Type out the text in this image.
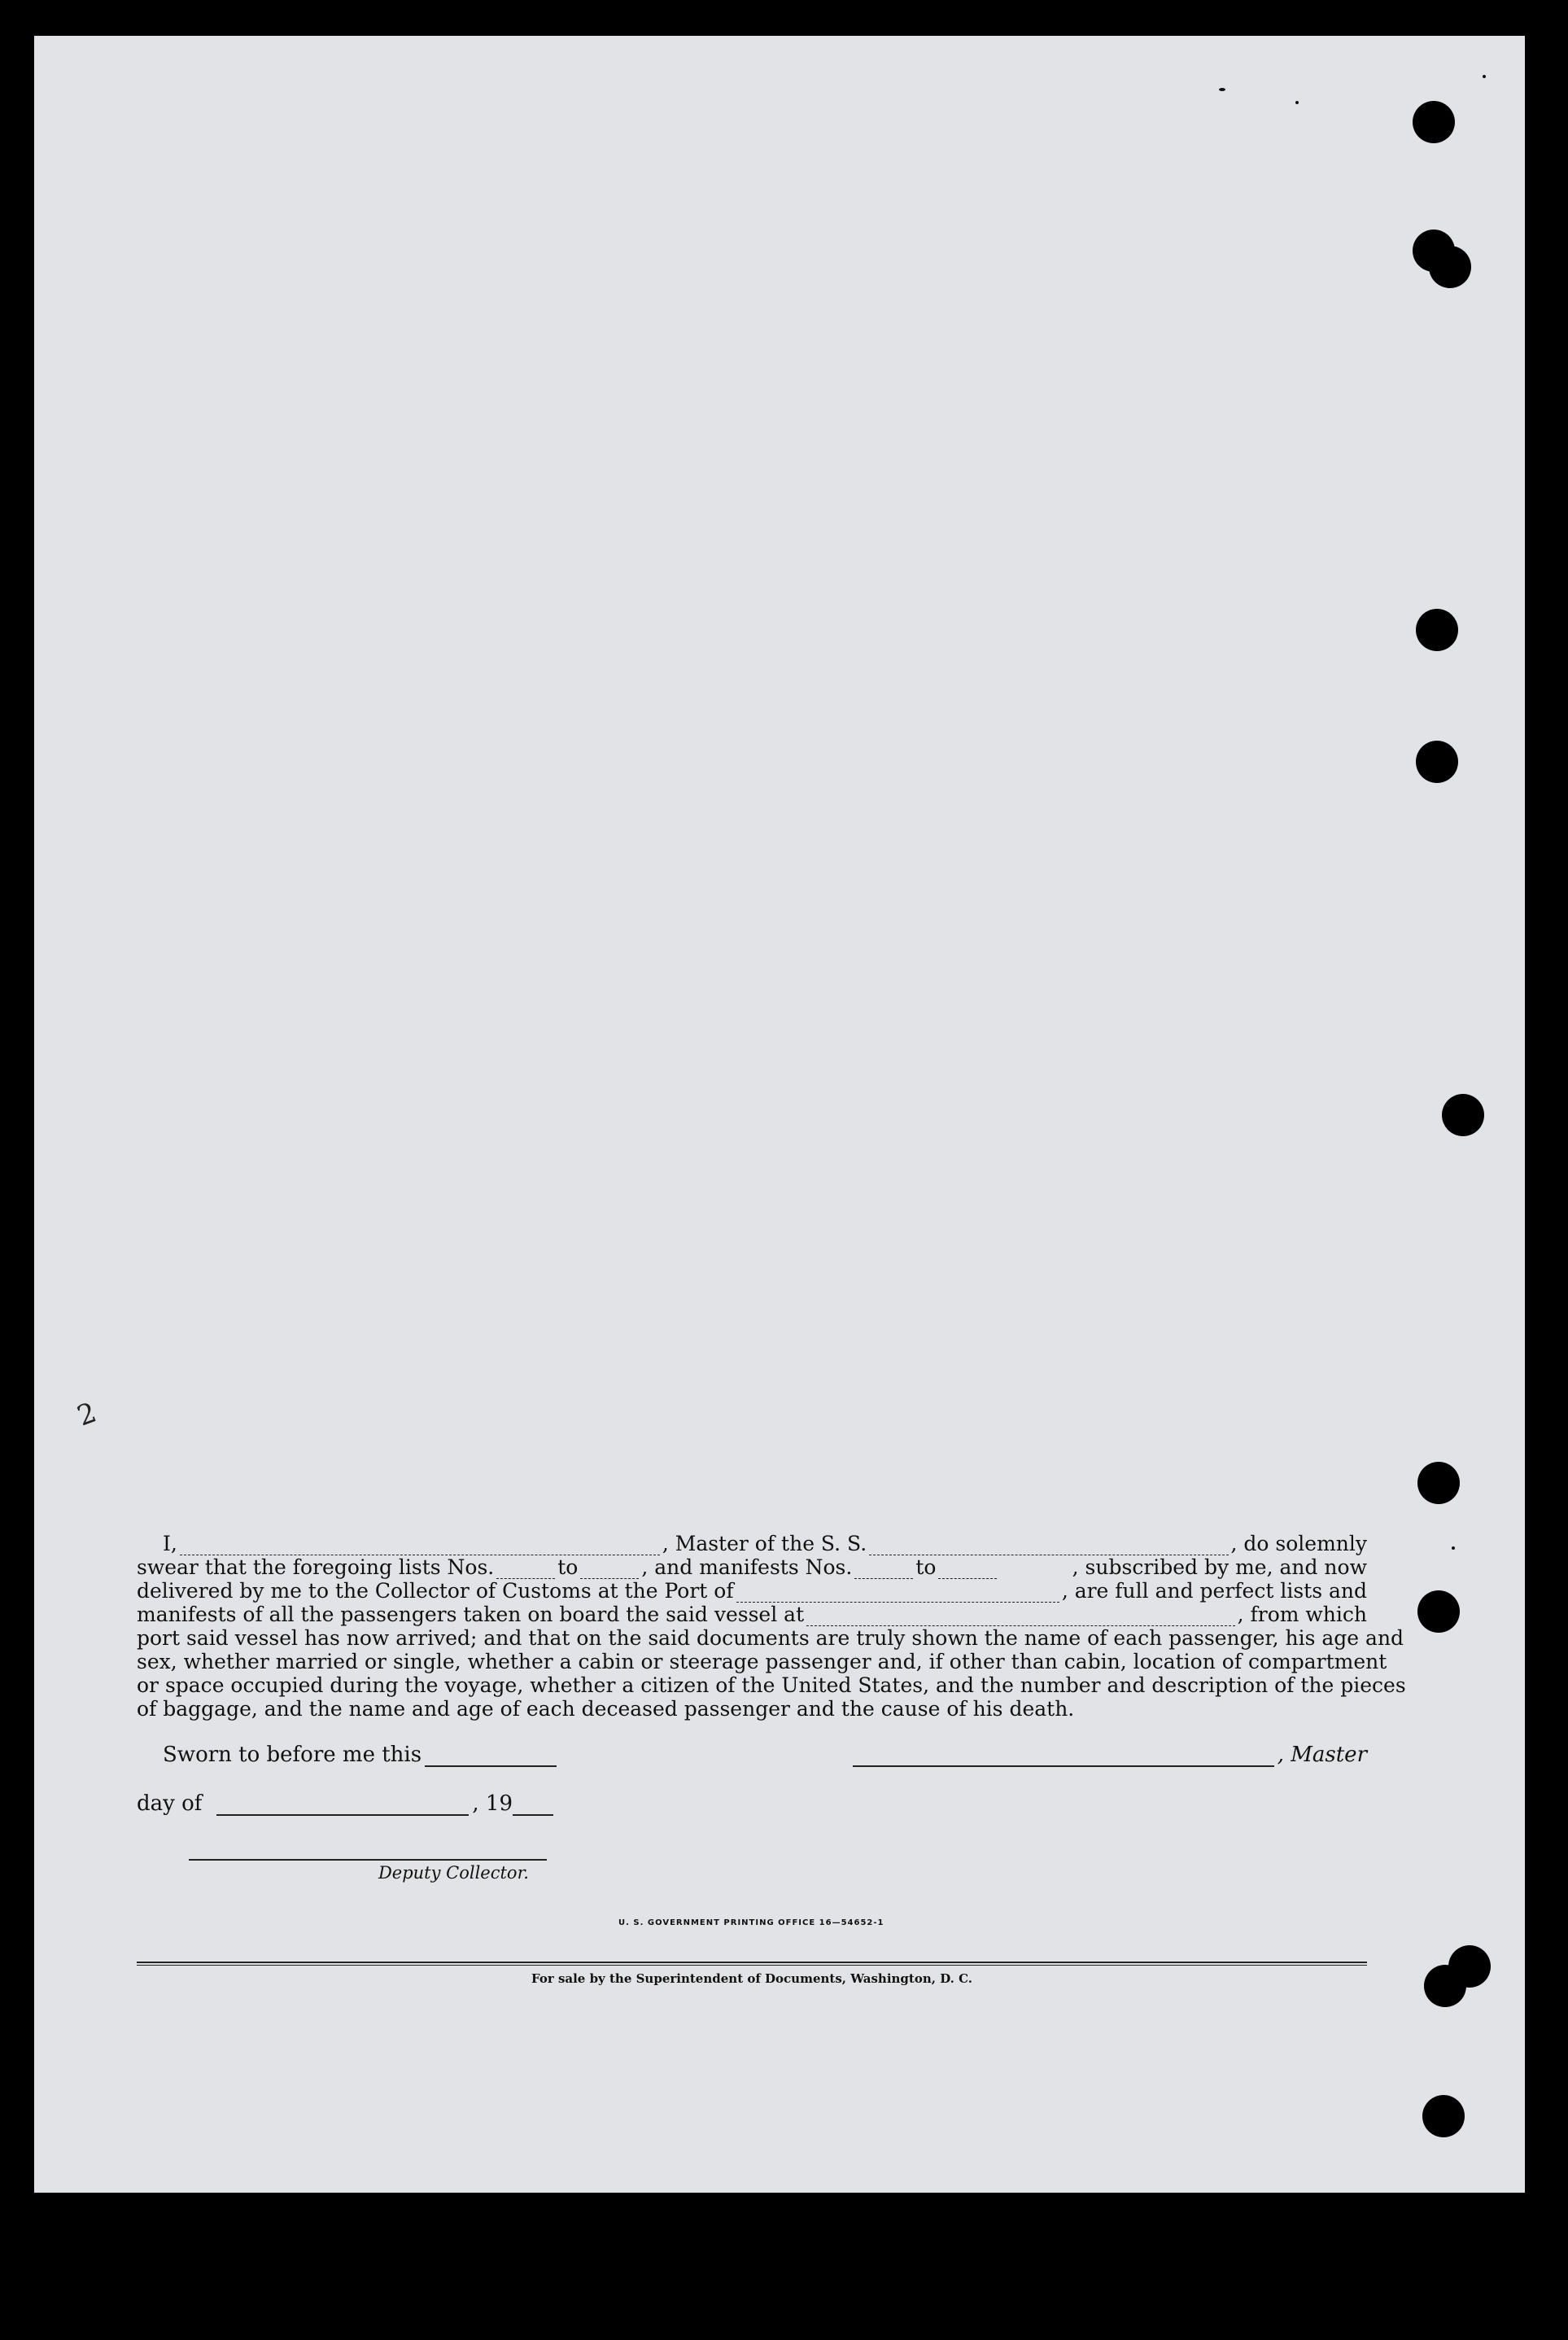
2
I,	, Master of the S. S.	, do solemnly
swear that the foregoing lists Nos.	to	, and manifests Nos.	to	, subscribed by me, and now
delivered by me to the Collector of Customs at the Port of	, are full and perfect lists and
manifests of all the passengers taken on board the said vessel at	, from which
port said vessel has now arrived; and that on the said documents are truly shown the name of each passenger, his age and
sex, whether married or single, whether a cabin or steerage passenger and, if other than cabin, location of compartment
or space occupied during the voyage, whether a citizen of the United States, and the number and description of the pieces
of baggage, and the name and age of each deceased passenger and the cause of his death.
Sworn to before me this	, Master
day of	, 19
Deputy Collector.
U. S. GOVERNMENT PRINTING OFFICE 16—54652-1
For sale by the Superintendent of Documents, Washington, D. C.
